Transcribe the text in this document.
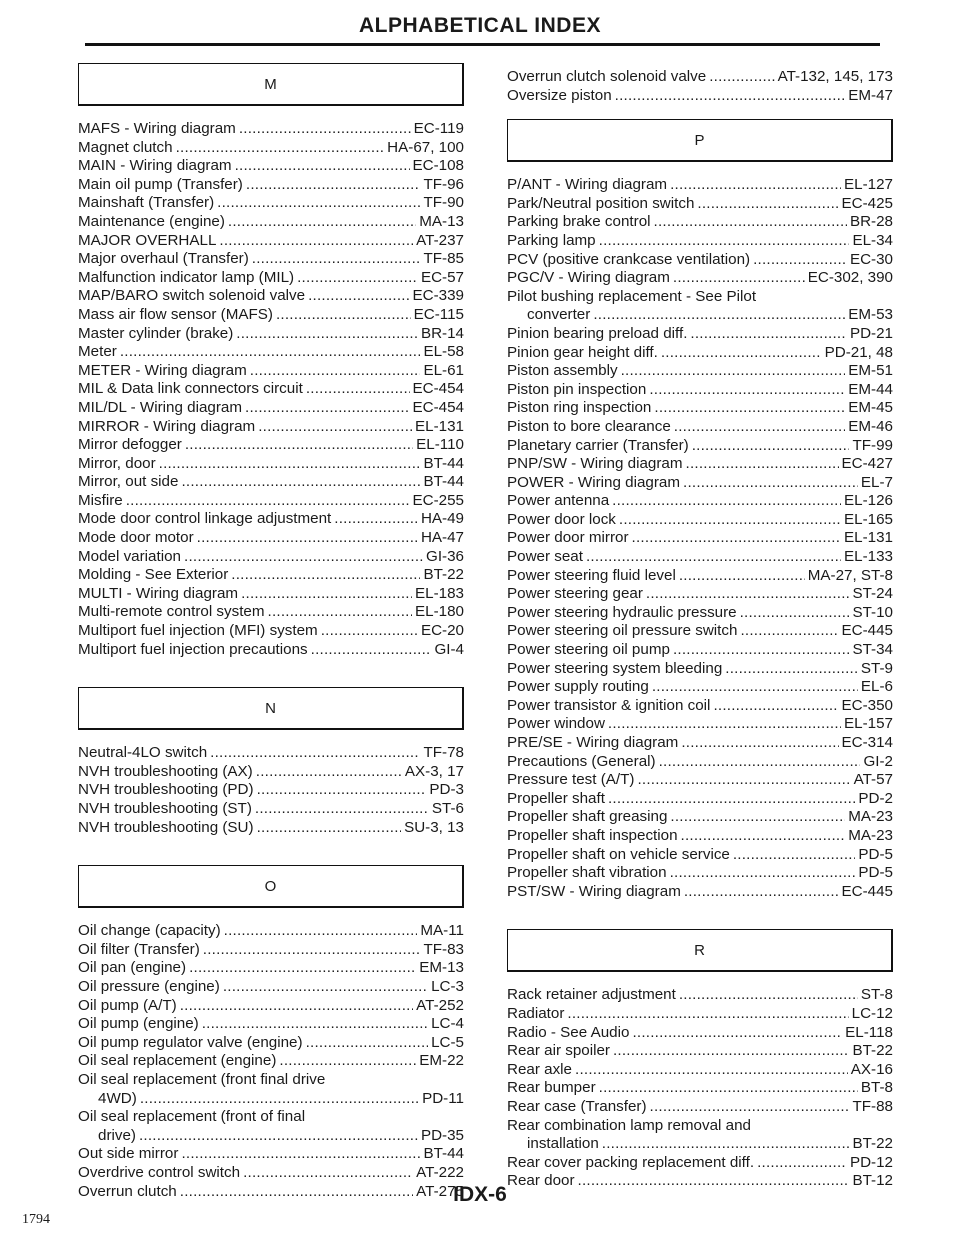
ALPHABETICAL INDEX
M
MAFS - Wiring diagram . . .	EC-119
Magnet clutch . . .	HA-67, 100
MAIN - Wiring diagram . . .	EC-108
Main oil pump (Transfer) . . .	TF-96
Mainshaft (Transfer) . . .	TF-90
Maintenance (engine) . . .	MA-13
MAJOR OVERHALL . . .	AT-237
Major overhaul (Transfer) . . .	TF-85
Malfunction indicator lamp (MIL) . . .	EC-57
MAP/BARO switch solenoid valve . . .	EC-339
Mass air flow sensor (MAFS) . . .	EC-115
Master cylinder (brake) . . .	BR-14
Meter . . .	EL-58
METER - Wiring diagram . . .	EL-61
MIL & Data link connectors circuit . . .	EC-454
MIL/DL - Wiring diagram . . .	EC-454
MIRROR - Wiring diagram . . .	EL-131
Mirror defogger . . .	EL-110
Mirror, door . . .	BT-44
Mirror, out side . . .	BT-44
Misfire . . .	EC-255
Mode door control linkage adjustment . . .	HA-49
Mode door motor . . .	HA-47
Model variation . . .	GI-36
Molding - See Exterior . . .	BT-22
MULTI - Wiring diagram . . .	EL-183
Multi-remote control system . . .	EL-180
Multiport fuel injection (MFI) system . . .	EC-20
Multiport fuel injection precautions . . .	GI-4
N
Neutral-4LO switch . . .	TF-78
NVH troubleshooting (AX) . . .	AX-3, 17
NVH troubleshooting (PD) . . .	PD-3
NVH troubleshooting (ST) . . .	ST-6
NVH troubleshooting (SU) . . .	SU-3, 13
O
Oil change (capacity) . . .	MA-11
Oil filter (Transfer) . . .	TF-83
Oil pan (engine) . . .	EM-13
Oil pressure (engine) . . .	LC-3
Oil pump (A/T) . . .	AT-252
Oil pump (engine) . . .	LC-4
Oil pump regulator valve (engine) . . .	LC-5
Oil seal replacement (engine) . . .	EM-22
Oil seal replacement (front final drive
4WD) . . .	PD-11
Oil seal replacement (front of final
drive) . . .	PD-35
Out side mirror . . .	BT-44
Overdrive control switch . . .	AT-222
Overrun clutch . . .	AT-275
Overrun clutch solenoid valve . . .	AT-132, 145, 173
Oversize piston . . .	EM-47
P
P/ANT - Wiring diagram . . .	EL-127
Park/Neutral position switch . . .	EC-425
Parking brake control . . .	BR-28
Parking lamp . . .	EL-34
PCV (positive crankcase ventilation) . . .	EC-30
PGC/V - Wiring diagram . . .	EC-302, 390
Pilot bushing replacement - See Pilot
converter . . .	EM-53
Pinion bearing preload diff. . . .	PD-21
Pinion gear height diff. . . .	PD-21, 48
Piston assembly . . .	EM-51
Piston pin inspection . . .	EM-44
Piston ring inspection . . .	EM-45
Piston to bore clearance . . .	EM-46
Planetary carrier (Transfer) . . .	TF-99
PNP/SW - Wiring diagram . . .	EC-427
POWER - Wiring diagram . . .	EL-7
Power antenna . . .	EL-126
Power door lock . . .	EL-165
Power door mirror . . .	EL-131
Power seat . . .	EL-133
Power steering fluid level . . .	MA-27, ST-8
Power steering gear . . .	ST-24
Power steering hydraulic pressure . . .	ST-10
Power steering oil pressure switch . . .	EC-445
Power steering oil pump . . .	ST-34
Power steering system bleeding . . .	ST-9
Power supply routing . . .	EL-6
Power transistor & ignition coil . . .	EC-350
Power window . . .	EL-157
PRE/SE - Wiring diagram . . .	EC-314
Precautions (General) . . .	GI-2
Pressure test (A/T) . . .	AT-57
Propeller shaft . . .	PD-2
Propeller shaft greasing . . .	MA-23
Propeller shaft inspection . . .	MA-23
Propeller shaft on vehicle service . . .	PD-5
Propeller shaft vibration . . .	PD-5
PST/SW - Wiring diagram . . .	EC-445
R
Rack retainer adjustment . . .	ST-8
Radiator . . .	LC-12
Radio - See Audio . . .	EL-118
Rear air spoiler . . .	BT-22
Rear axle . . .	AX-16
Rear bumper . . .	BT-8
Rear case (Transfer) . . .	TF-88
Rear combination lamp removal and
installation . . .	BT-22
Rear cover packing replacement diff. . . .	PD-12
Rear door . . .	BT-12
IDX-6
1794
